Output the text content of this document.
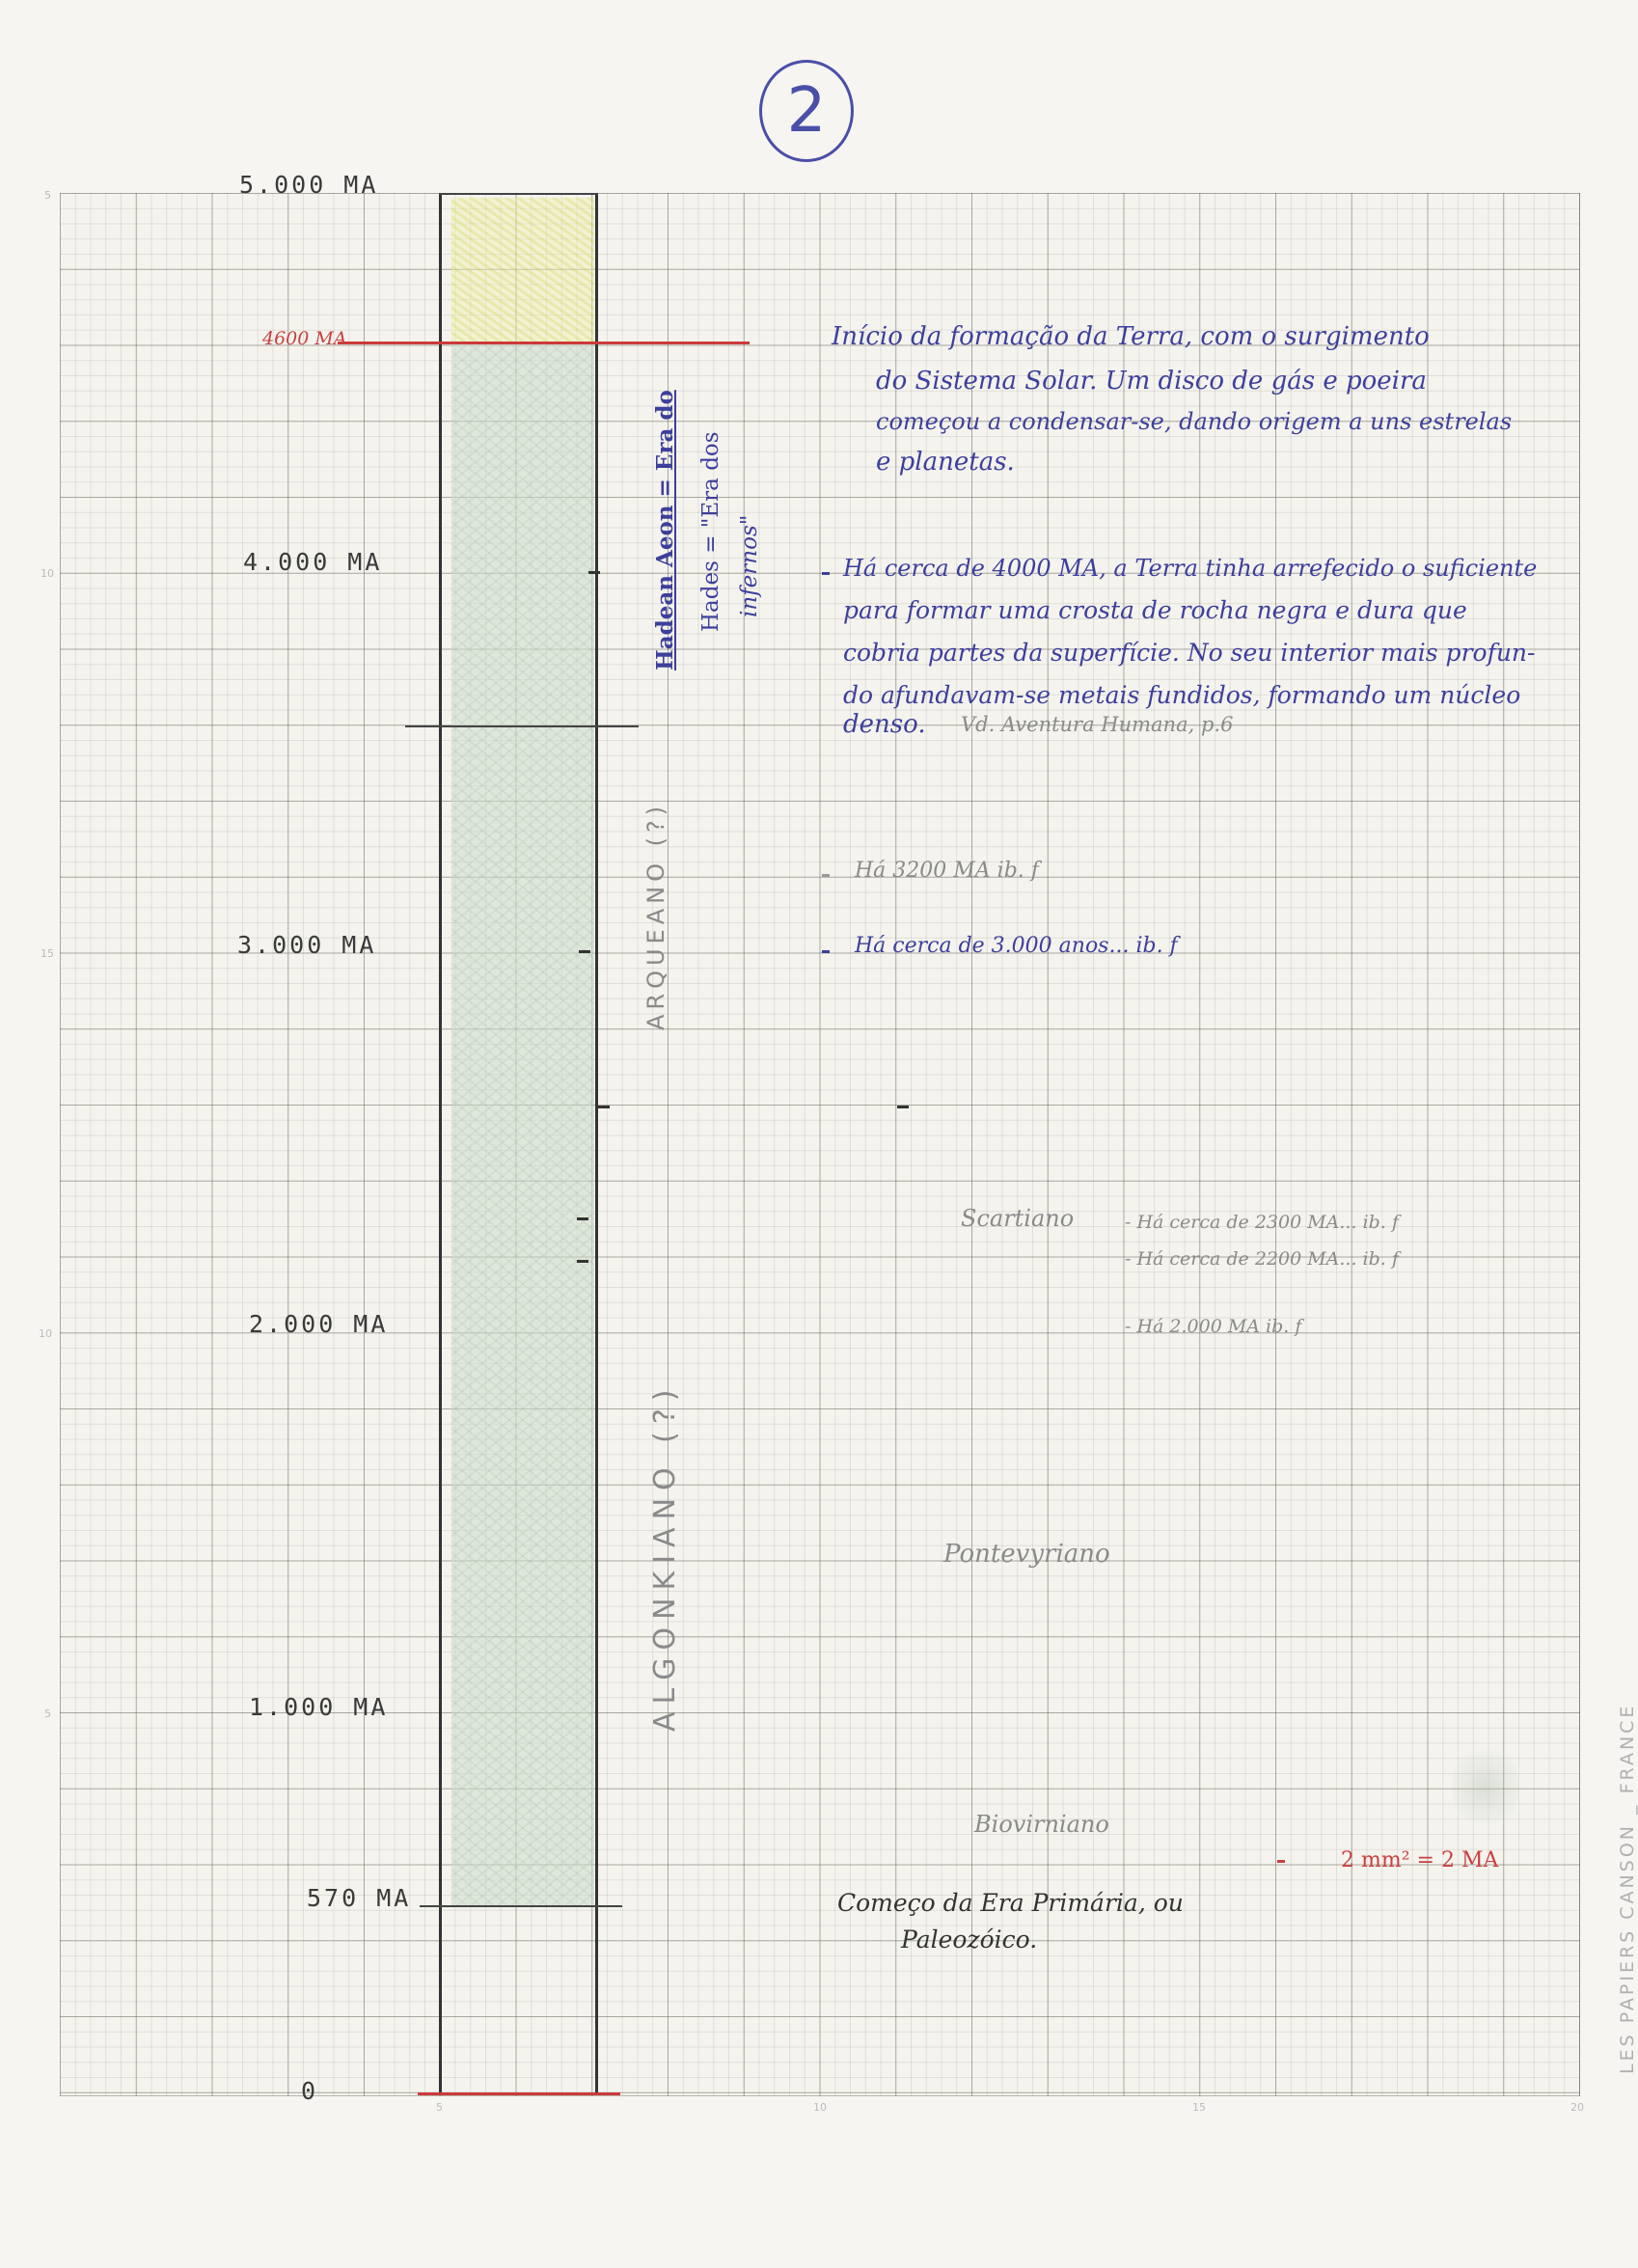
2
5
10
15
10
5
5	10	15	20
5.000 MA
4600 MA
4.000 MA
3.000 MA
2.000 MA
1.000 MA
570 MA
0
Hadean Aeon = Era do Hades = "Era dos infernos"
ARQUEANO (?)
ALGONKIANO (?)
Início da formação da Terra, com o surgimento
do Sistema Solar. Um disco de gás e poeira
começou a condensar-se, dando origem a uns estrelas
e planetas.
Há cerca de 4000 MA, a Terra tinha arrefecido o suficiente
para formar uma crosta de rocha negra e dura que
cobria partes da superfície. No seu interior mais profun-
do afundavam-se metais fundidos, formando um núcleo
denso. Vd. Aventura Humana, p.6
Há 3200 MA ib. f
Há cerca de 3.000 anos... ib. f
Scartiano	- Há cerca de 2300 MA... ib. f
- Há cerca de 2200 MA... ib. f
- Há 2.000 MA ib. f
Pontevyriano
Biovirniano
2 mm² = 2 MA
Começo da Era Primária, ou
Paleozóico.	LES PAPIERS CANSON _ FRANCE
